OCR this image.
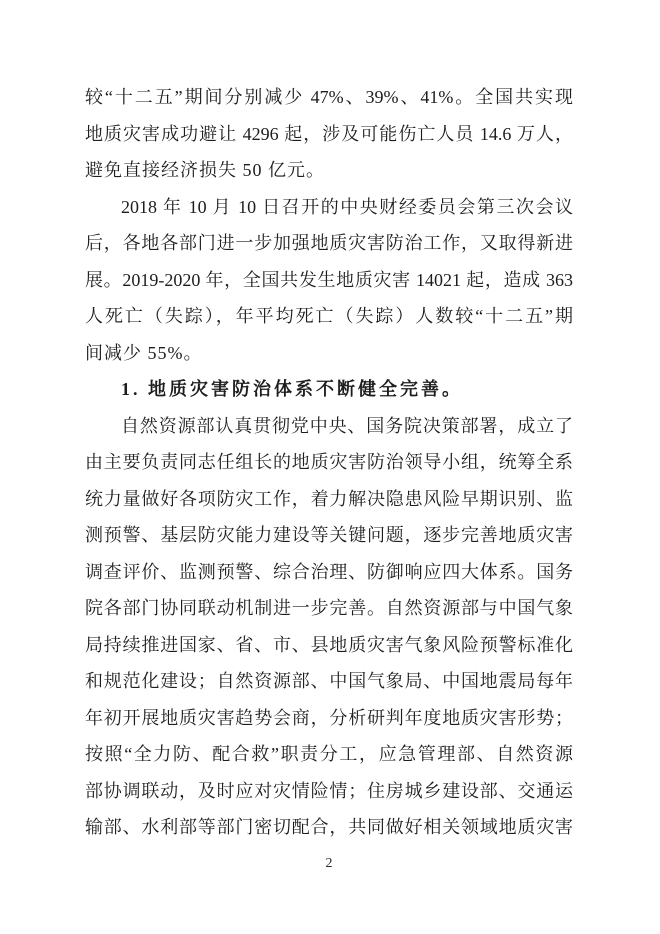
较“十二五”期间分别减少 47%、39%、41%。全国共实现
地质灾害成功避让 4296 起，涉及可能伤亡人员 14.6 万人，
避免直接经济损失 50 亿元。
2018 年 10 月 10 日召开的中央财经委员会第三次会议
后，各地各部门进一步加强地质灾害防治工作，又取得新进
展。2019-2020 年，全国共发生地质灾害 14021 起，造成 363
人死亡（失踪），年平均死亡（失踪）人数较“十二五”期
间减少 55%。
1. 地质灾害防治体系不断健全完善。
自然资源部认真贯彻党中央、国务院决策部署，成立了
由主要负责同志任组长的地质灾害防治领导小组，统筹全系
统力量做好各项防灾工作，着力解决隐患风险早期识别、监
测预警、基层防灾能力建设等关键问题，逐步完善地质灾害
调查评价、监测预警、综合治理、防御响应四大体系。国务
院各部门协同联动机制进一步完善。自然资源部与中国气象
局持续推进国家、省、市、县地质灾害气象风险预警标准化
和规范化建设；自然资源部、中国气象局、中国地震局每年
年初开展地质灾害趋势会商，分析研判年度地质灾害形势；
按照“全力防、配合救”职责分工，应急管理部、自然资源
部协调联动，及时应对灾情险情；住房城乡建设部、交通运
输部、水利部等部门密切配合，共同做好相关领域地质灾害
2
